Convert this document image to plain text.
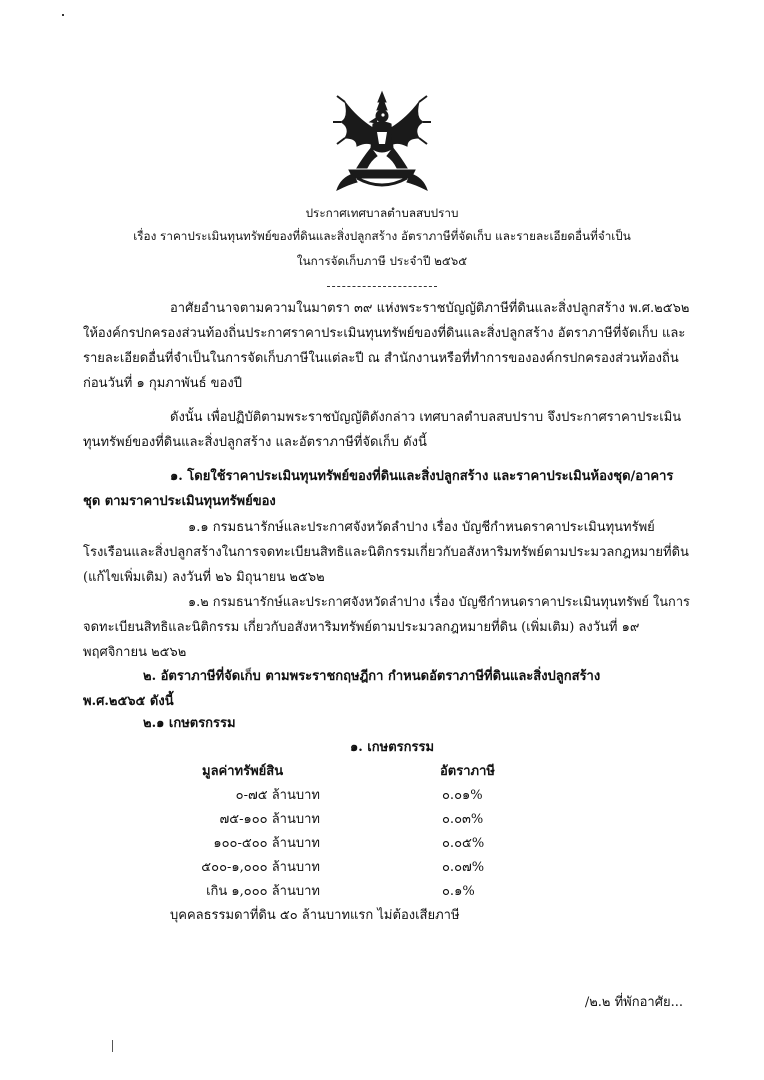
ประกาศเทศบาลตำบลสบปราบ
เรื่อง ราคาประเมินทุนทรัพย์ของที่ดินและสิ่งปลูกสร้าง อัตราภาษีที่จัดเก็บ และรายละเอียดอื่นที่จำเป็น
ในการจัดเก็บภาษี ประจำปี ๒๕๖๕
อาศัยอำนาจตามความในมาตรา ๓๙ แห่งพระราชบัญญัติภาษีที่ดินและสิ่งปลูกสร้าง พ.ศ.๒๕๖๒
ให้องค์กรปกครองส่วนท้องถิ่นประกาศราคาประเมินทุนทรัพย์ของที่ดินและสิ่งปลูกสร้าง อัตราภาษีที่จัดเก็บ และ
รายละเอียดอื่นที่จำเป็นในการจัดเก็บภาษีในแต่ละปี ณ สำนักงานหรือที่ทำการขององค์กรปกครองส่วนท้องถิ่น
ก่อนวันที่ ๑ กุมภาพันธ์ ของปี
ดังนั้น เพื่อปฏิบัติตามพระราชบัญญัติดังกล่าว เทศบาลตำบลสบปราบ จึงประกาศราคาประเมิน
ทุนทรัพย์ของที่ดินและสิ่งปลูกสร้าง และอัตราภาษีที่จัดเก็บ ดังนี้
๑. โดยใช้ราคาประเมินทุนทรัพย์ของที่ดินและสิ่งปลูกสร้าง และราคาประเมินห้องชุด/อาคาร
ชุด ตามราคาประเมินทุนทรัพย์ของ
๑.๑ กรมธนารักษ์และประกาศจังหวัดลำปาง เรื่อง บัญชีกำหนดราคาประเมินทุนทรัพย์
โรงเรือนและสิ่งปลูกสร้างในการจดทะเบียนสิทธิและนิติกรรมเกี่ยวกับอสังหาริมทรัพย์ตามประมวลกฎหมายที่ดิน
(แก้ไขเพิ่มเติม) ลงวันที่ ๒๖ มิถุนายน ๒๕๖๒
๑.๒ กรมธนารักษ์และประกาศจังหวัดลำปาง เรื่อง บัญชีกำหนดราคาประเมินทุนทรัพย์ ในการ
จดทะเบียนสิทธิและนิติกรรม เกี่ยวกับอสังหาริมทรัพย์ตามประมวลกฎหมายที่ดิน (เพิ่มเติม) ลงวันที่ ๑๙
พฤศจิกายน ๒๕๖๒
๒. อัตราภาษีที่จัดเก็บ ตามพระราชกฤษฎีกา กำหนดอัตราภาษีที่ดินและสิ่งปลูกสร้าง
พ.ศ.๒๕๖๕ ดังนี้
๒.๑ เกษตรกรรม
๑. เกษตรกรรม
มูลค่าทรัพย์สิน	อัตราภาษี
๐-๗๕ ล้านบาท	๐.๐๑%
๗๕-๑๐๐ ล้านบาท	๐.๐๓%
๑๐๐-๕๐๐ ล้านบาท	๐.๐๕%
๕๐๐-๑,๐๐๐ ล้านบาท	๐.๐๗%
เกิน ๑,๐๐๐ ล้านบาท	๐.๑%
บุคคลธรรมดาที่ดิน ๕๐ ล้านบาทแรก ไม่ต้องเสียภาษี
/๒.๒ ที่พักอาศัย...
